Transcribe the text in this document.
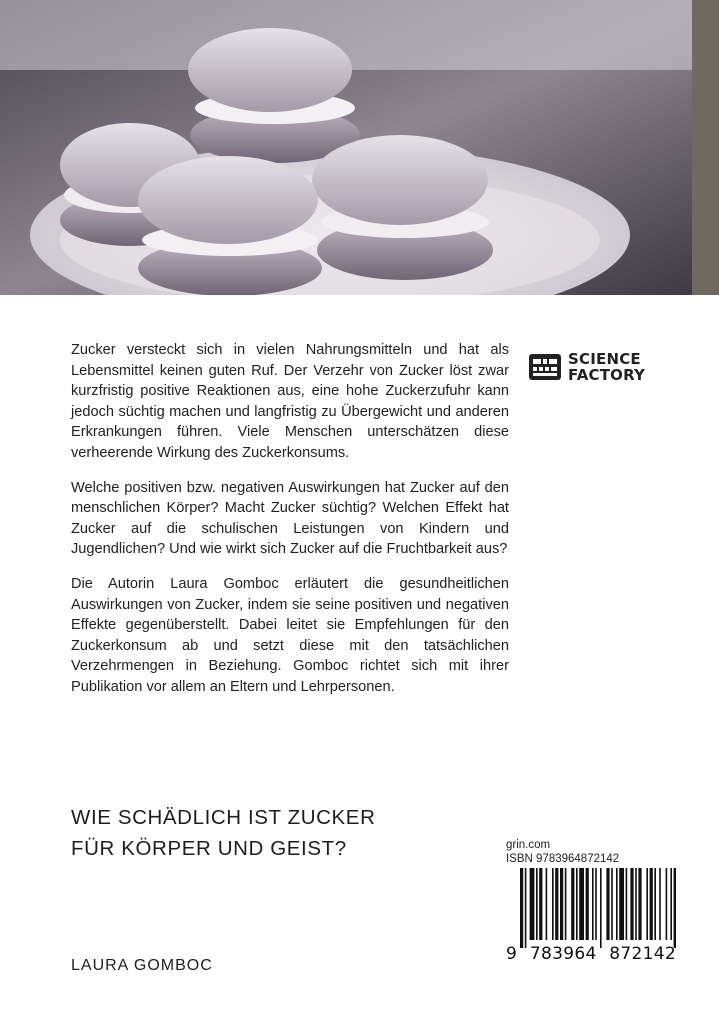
Zucker versteckt sich in vielen Nahrungsmitteln und hat als Lebensmittel keinen guten Ruf. Der Verzehr von Zucker löst zwar kurzfristig positive Reaktionen aus, eine hohe Zuckerzufuhr kann jedoch süchtig machen und langfristig zu Übergewicht und anderen Erkrankungen führen. Viele Menschen unterschätzen diese verheerende Wirkung des Zuckerkonsums.

Welche positiven bzw. negativen Auswirkungen hat Zucker auf den menschlichen Körper? Macht Zucker süchtig? Welchen Effekt hat Zucker auf die schulischen Leistungen von Kindern und Jugendlichen? Und wie wirkt sich Zucker auf die Fruchtbarkeit aus?

Die Autorin Laura Gomboc erläutert die gesundheitlichen Auswirkungen von Zucker, indem sie seine positiven und negativen Effekte gegenüberstellt. Dabei leitet sie Empfehlungen für den Zuckerkonsum ab und setzt diese mit den tatsächlichen Verzehrmengen in Beziehung. Gomboc richtet sich mit ihrer Publikation vor allem an Eltern und Lehrpersonen.

SCIENCE
FACTORY
WIE SCHÄDLICH IST ZUCKER
FÜR KÖRPER UND GEIST?
LAURA GOMBOC
grin.com
ISBN 9783964872142
9 783964 872142
